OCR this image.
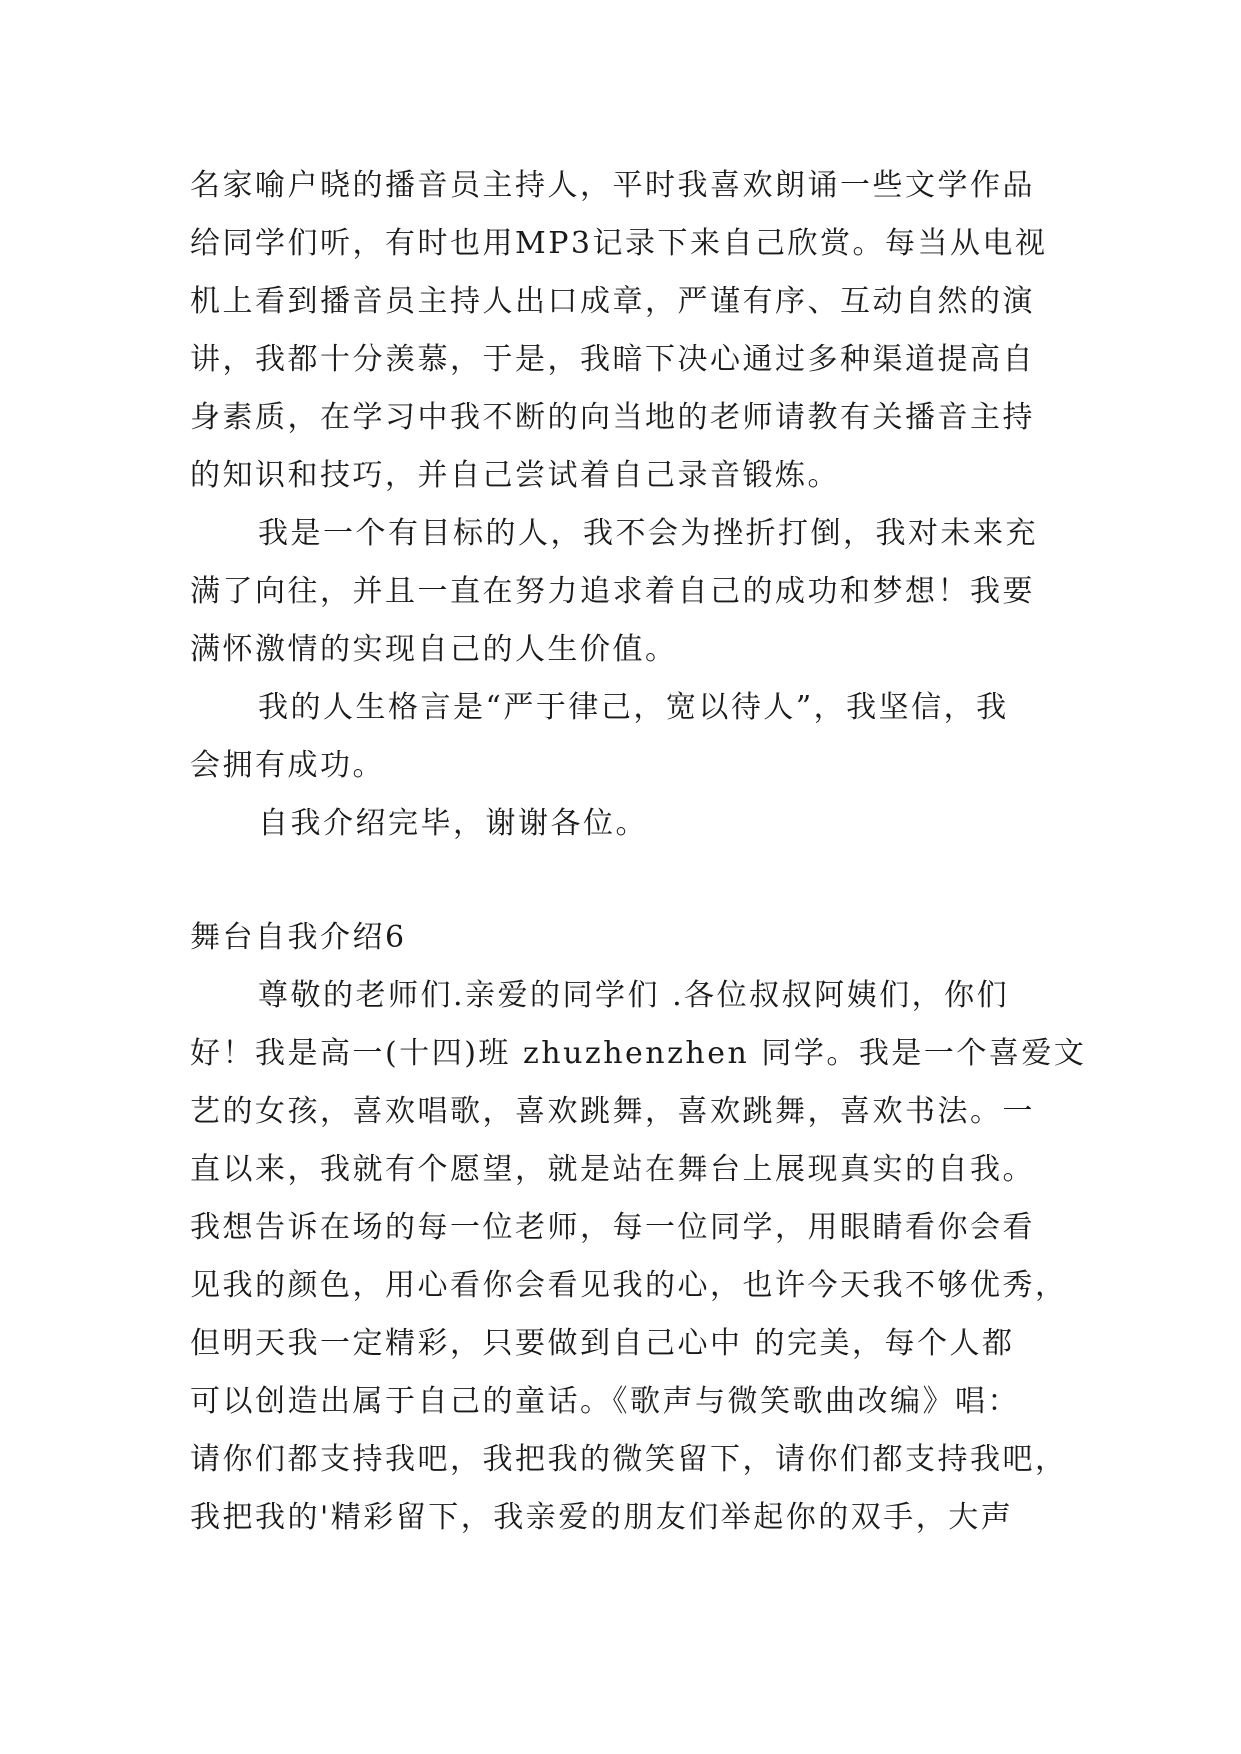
名家喻户晓的播音员主持人，平时我喜欢朗诵一些文学作品
给同学们听，有时也用MP3记录下来自己欣赏。每当从电视
机上看到播音员主持人出口成章，严谨有序、互动自然的演
讲，我都十分羡慕，于是，我暗下决心通过多种渠道提高自
身素质，在学习中我不断的向当地的老师请教有关播音主持
的知识和技巧，并自己尝试着自己录音锻炼。
我是一个有目标的人，我不会为挫折打倒，我对未来充
满了向往，并且一直在努力追求着自己的成功和梦想！我要
满怀激情的实现自己的人生价值。
我的人生格言是“严于律己，宽以待人”，我坚信，我
会拥有成功。
自我介绍完毕，谢谢各位。
舞台自我介绍6
尊敬的老师们.亲爱的同学们 .各位叔叔阿姨们，你们
好！我是高一(十四)班 zhuzhenzhen 同学。我是一个喜爱文
艺的女孩，喜欢唱歌，喜欢跳舞，喜欢跳舞，喜欢书法。一
直以来，我就有个愿望，就是站在舞台上展现真实的自我。
我想告诉在场的每一位老师，每一位同学，用眼睛看你会看
见我的颜色，用心看你会看见我的心，也许今天我不够优秀，
但明天我一定精彩，只要做到自己心中 的完美，每个人都
可以创造出属于自己的童话。《歌声与微笑歌曲改编》唱：
请你们都支持我吧，我把我的微笑留下，请你们都支持我吧，
我把我的'精彩留下，我亲爱的朋友们举起你的双手，大声
